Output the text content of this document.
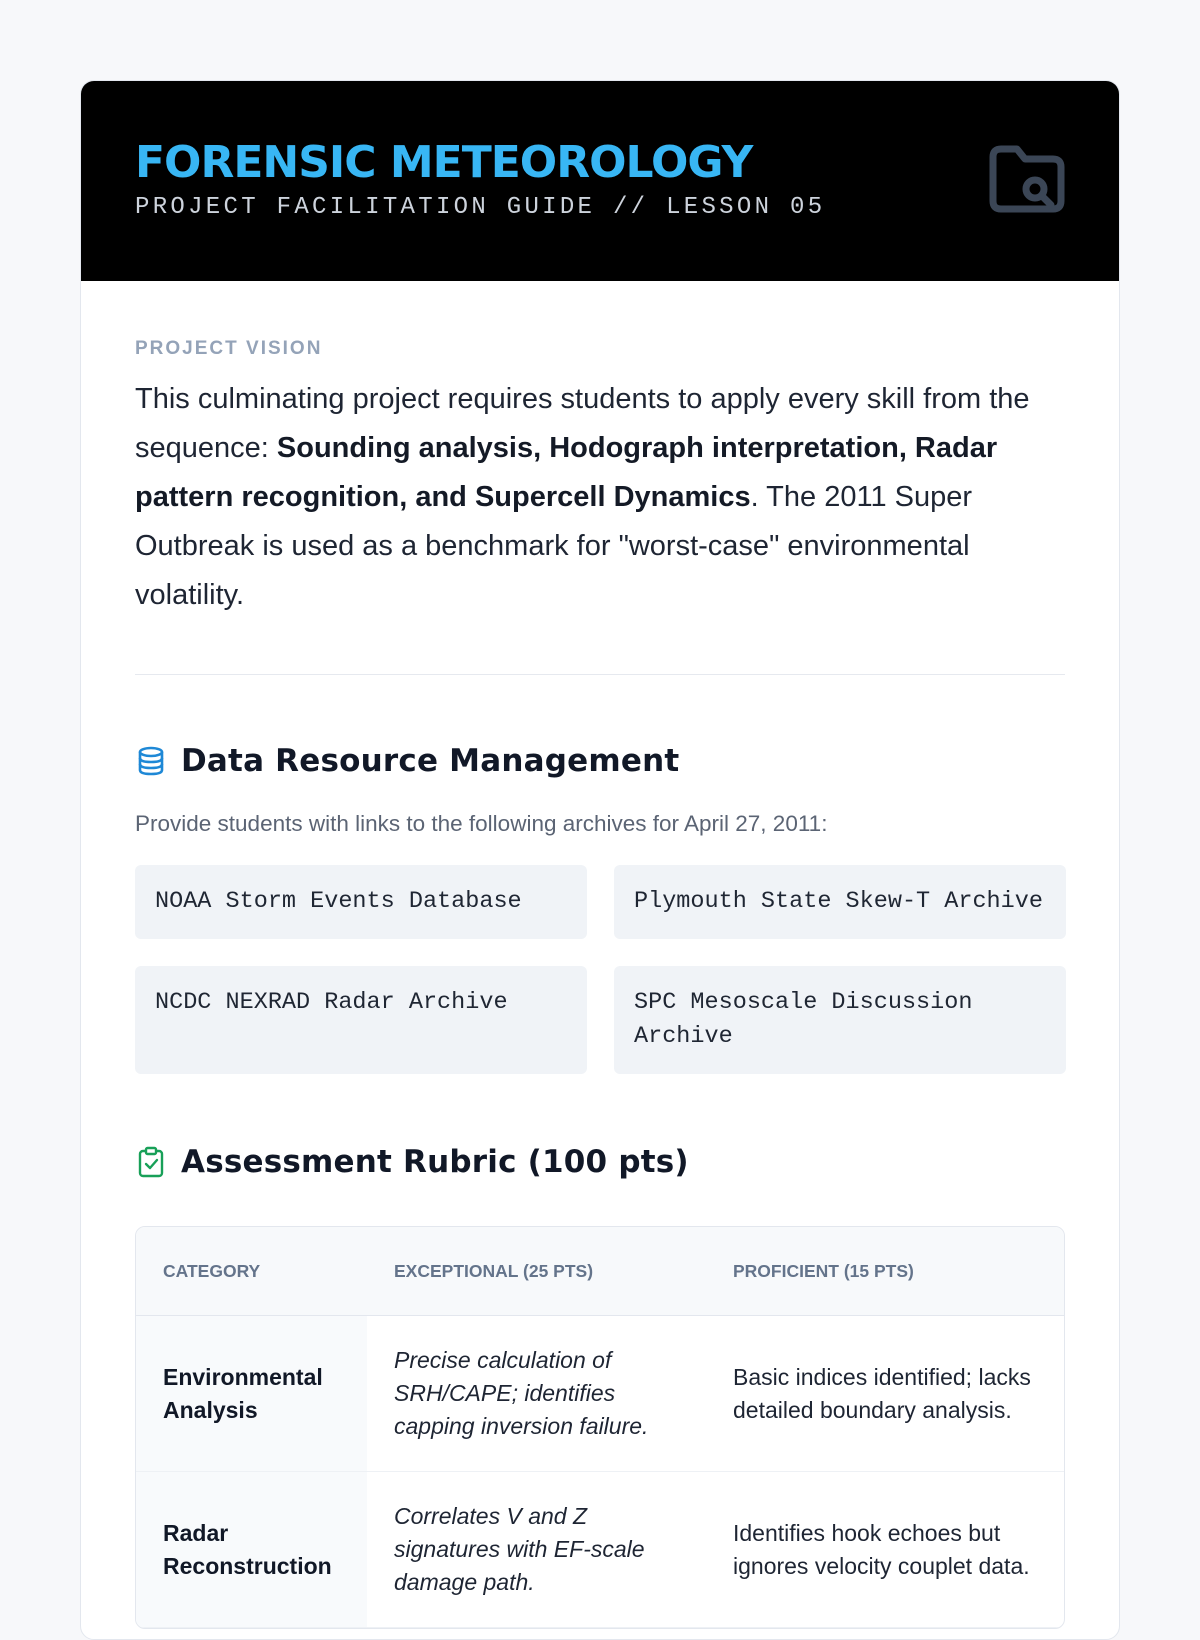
FORENSIC METEOROLOGY
PROJECT FACILITATION GUIDE // LESSON 05
PROJECT VISION

This culminating project requires students to apply every skill from the sequence: Sounding analysis, Hodograph interpretation, Radar pattern recognition, and Supercell Dynamics. The 2011 Super Outbreak is used as a benchmark for "worst-case" environmental volatility.

Data Resource Management
Provide students with links to the following archives for April 27, 2011:
NOAA Storm Events Database	Plymouth State Skew-T Archive
NCDC NEXRAD Radar Archive	SPC Mesoscale Discussion Archive
Assessment Rubric (100 pts)
CATEGORY	EXCEPTIONAL (25 PTS)	PROFICIENT (15 PTS)
Environmental Analysis	Precise calculation of SRH/CAPE; identifies capping inversion failure.	Basic indices identified; lacks detailed boundary analysis.
Radar Reconstruction	Correlates V and Z signatures with EF-scale damage path.	Identifies hook echoes but ignores velocity couplet data.
